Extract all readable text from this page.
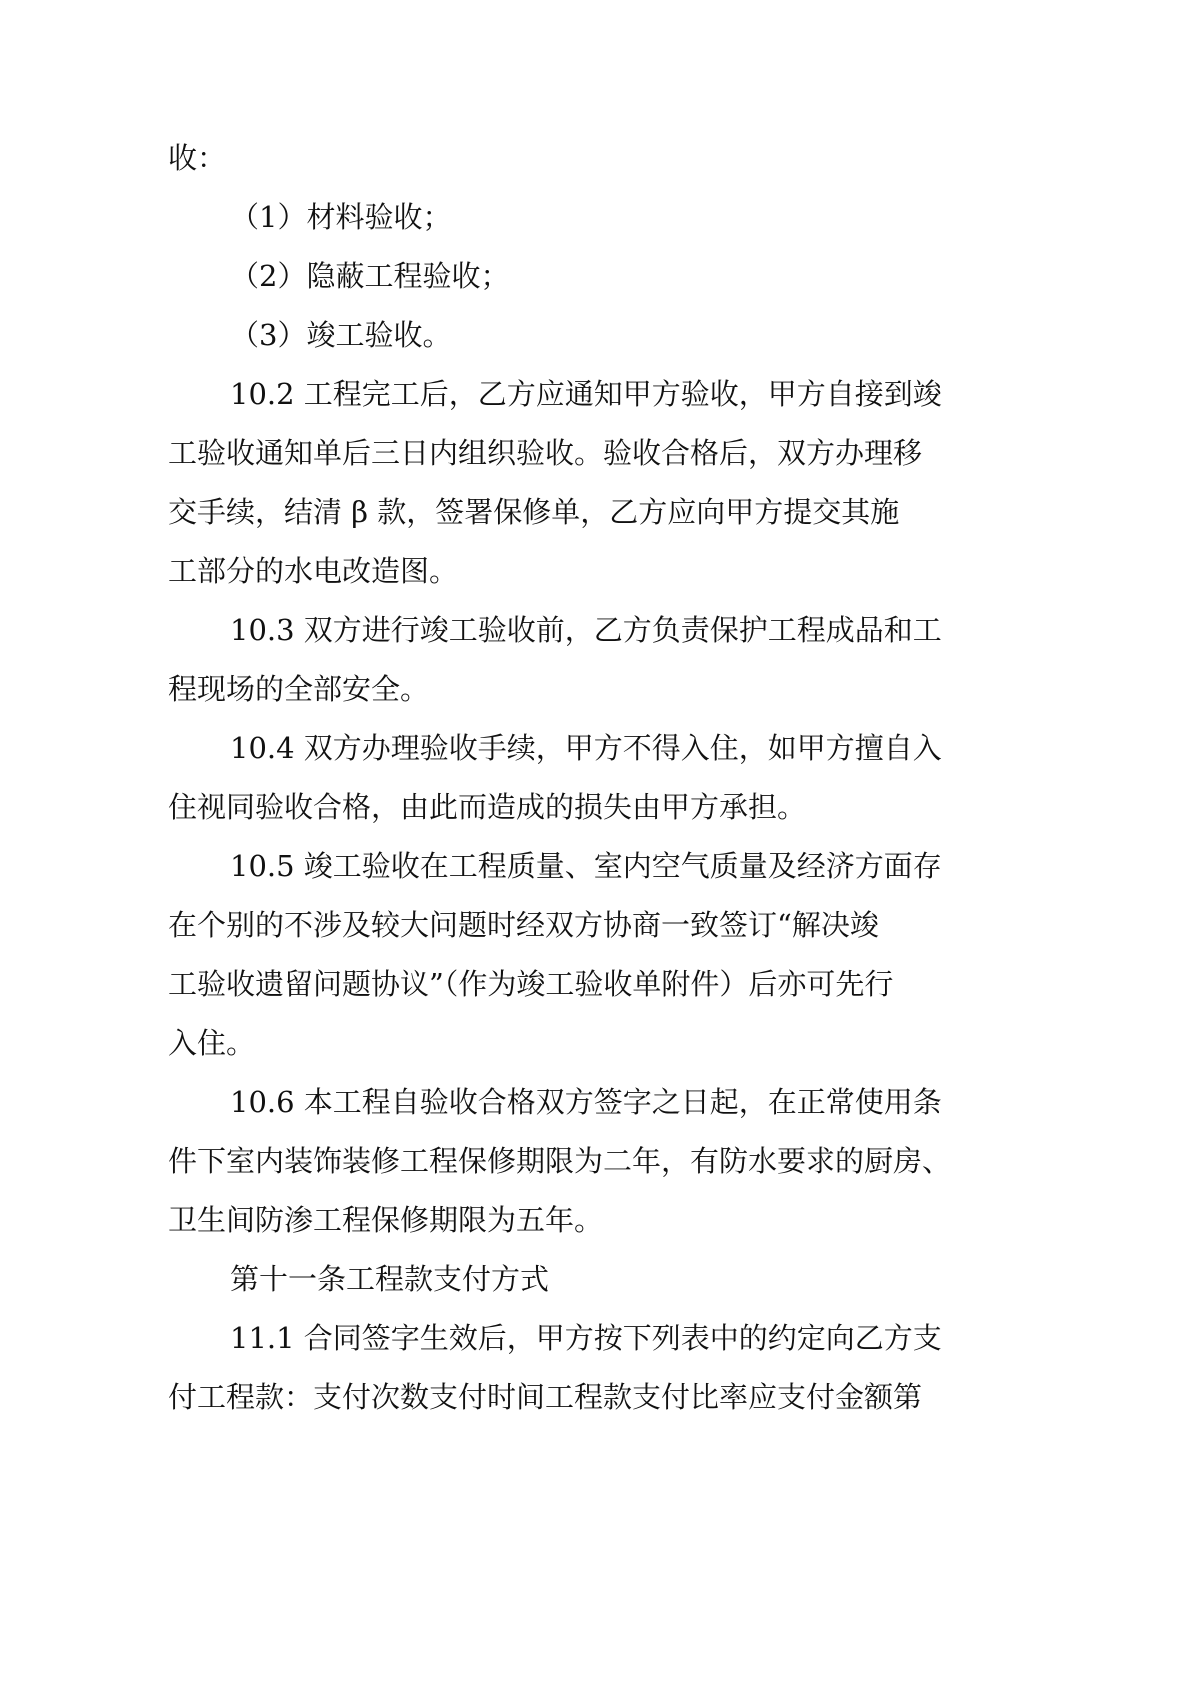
收：

（1）材料验收；

（2）隐蔽工程验收；

（3）竣工验收。

10.2 工程完工后，乙方应通知甲方验收，甲方自接到竣

工验收通知单后三日内组织验收。验收合格后，双方办理移

交手续，结清 β 款，签署保修单，乙方应向甲方提交其施

工部分的水电改造图。

10.3 双方进行竣工验收前，乙方负责保护工程成品和工

程现场的全部安全。

10.4 双方办理验收手续，甲方不得入住，如甲方擅自入

住视同验收合格，由此而造成的损失由甲方承担。

10.5 竣工验收在工程质量、室内空气质量及经济方面存

在个别的不涉及较大问题时经双方协商一致签订“解决竣

工验收遗留问题协议”（作为竣工验收单附件）后亦可先行

入住。

10.6 本工程自验收合格双方签字之日起，在正常使用条

件下室内装饰装修工程保修期限为二年，有防水要求的厨房、

卫生间防渗工程保修期限为五年。

第十一条工程款支付方式

11.1 合同签字生效后，甲方按下列表中的约定向乙方支

付工程款：支付次数支付时间工程款支付比率应支付金额第
